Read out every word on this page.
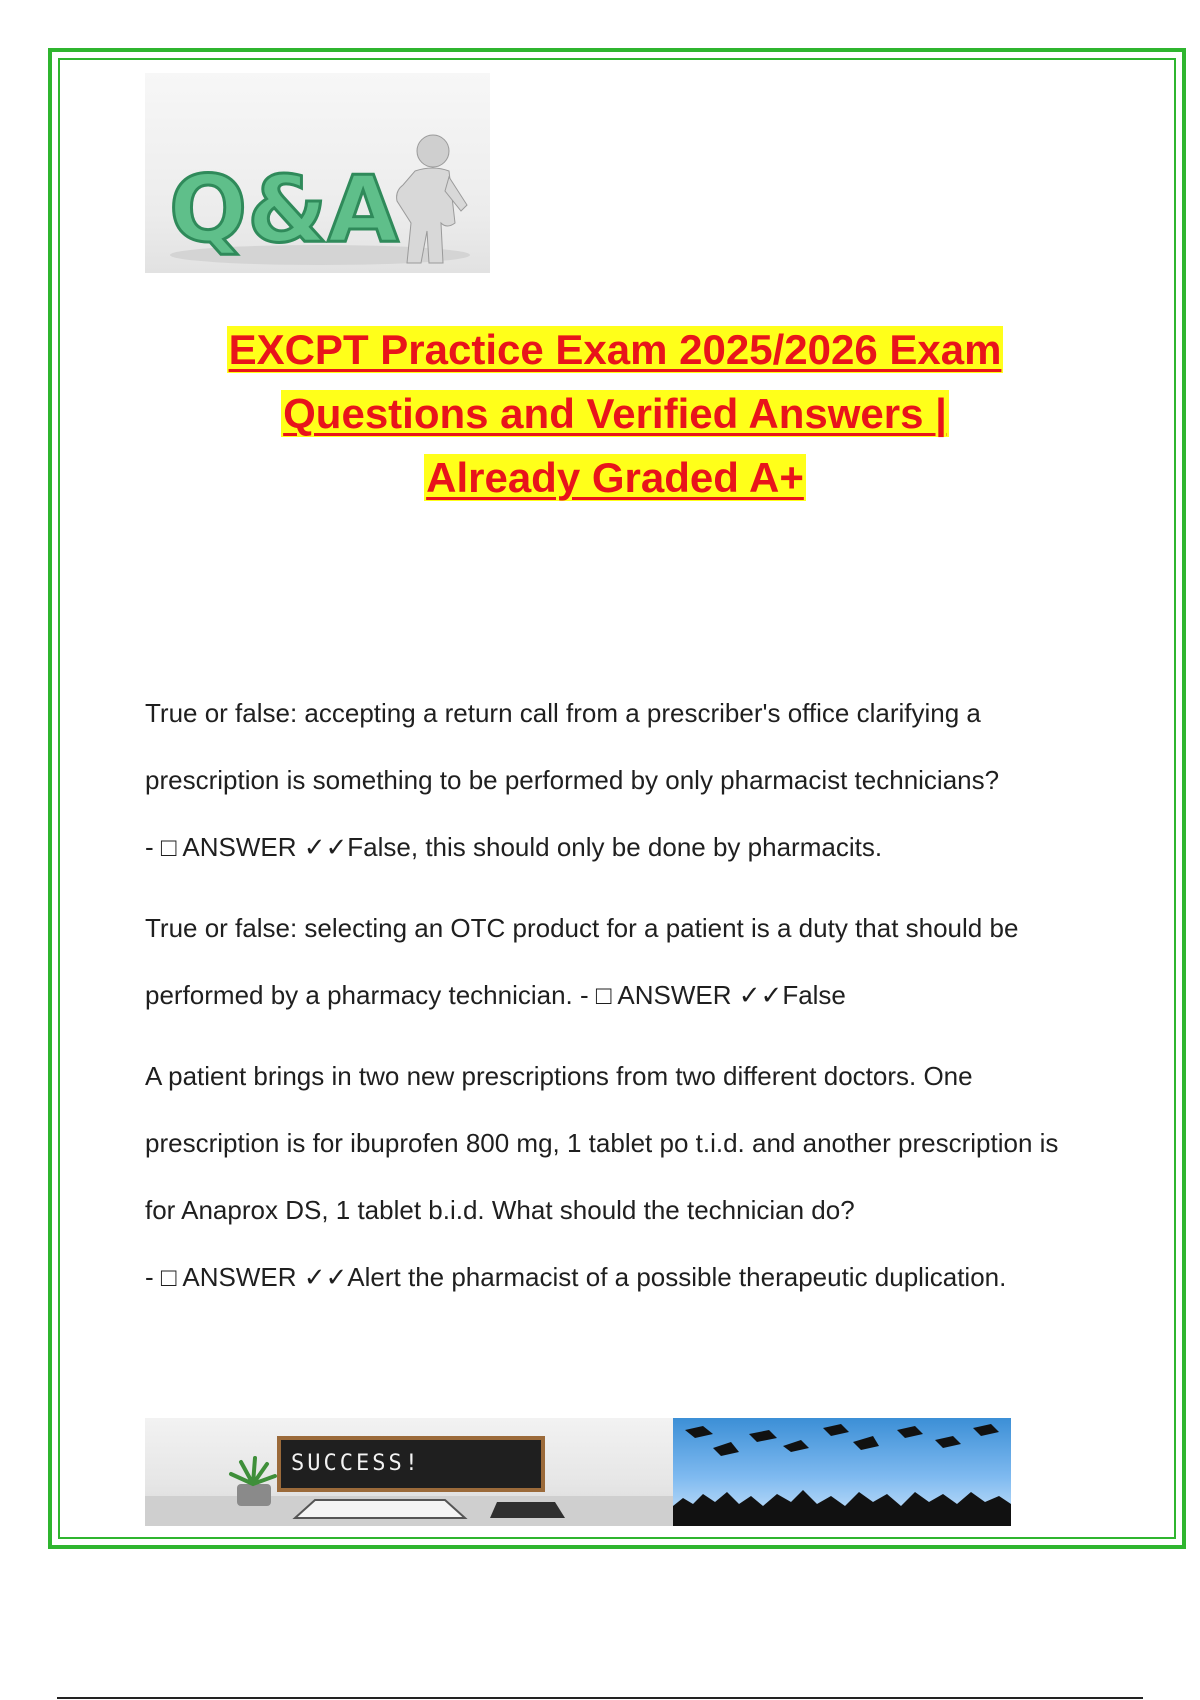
Q&A
EXCPT Practice Exam 2025/2026 Exam
Questions and Verified Answers |
Already Graded A+
True or false: accepting a return call from a prescriber's office clarifying a prescription is something to be performed by only pharmacist technicians? - □ ANSWER ✓✓False, this should only be done by pharmacits.
True or false: selecting an OTC product for a patient is a duty that should be performed by a pharmacy technician. - □ ANSWER ✓✓False
A patient brings in two new prescriptions from two different doctors. One prescription is for ibuprofen 800 mg, 1 tablet po t.i.d. and another prescription is for Anaprox DS, 1 tablet b.i.d. What should the technician do? - □ ANSWER ✓✓Alert the pharmacist of a possible therapeutic duplication.
SUCCESS!
